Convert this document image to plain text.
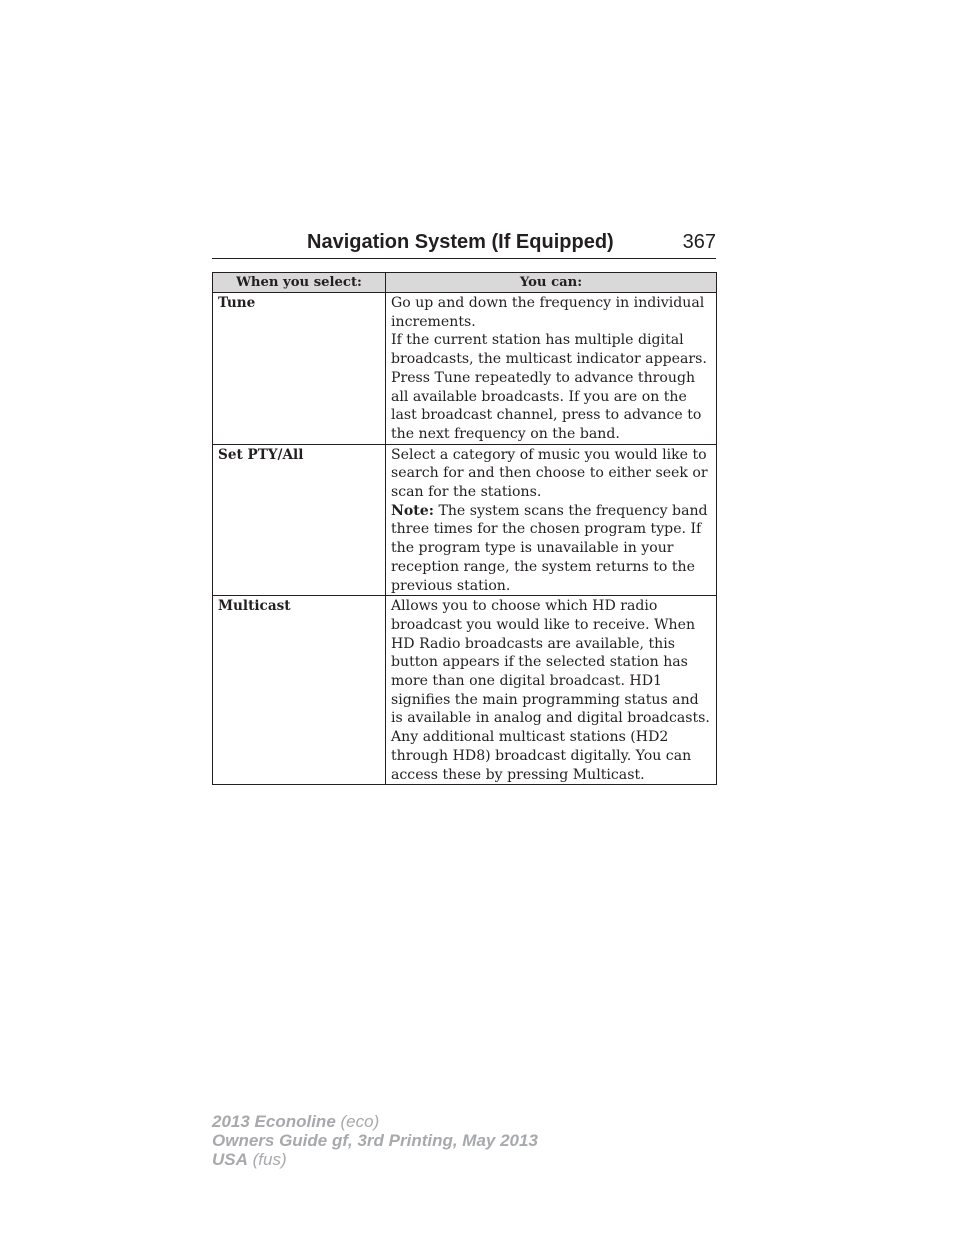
Navigation System (If Equipped)	367
When you select:	You can:
Tune	Go up and down the frequency in individual increments.
If the current station has multiple digital broadcasts, the multicast indicator appears. Press Tune repeatedly to advance through all available broadcasts. If you are on the last broadcast channel, press to advance to the next frequency on the band.

Set PTY/All	Select a category of music you would like to search for and then choose to either seek or scan for the stations.
Note: The system scans the frequency band three times for the chosen program type. If the program type is unavailable in your reception range, the system returns to the previous station.

Multicast	Allows you to choose which HD radio broadcast you would like to receive. When HD Radio broadcasts are available, this button appears if the selected station has more than one digital broadcast. HD1 signifies the main programming status and is available in analog and digital broadcasts. Any additional multicast stations (HD2 through HD8) broadcast digitally. You can access these by pressing Multicast.
2013 Econoline (eco)
Owners Guide gf, 3rd Printing, May 2013
USA (fus)
